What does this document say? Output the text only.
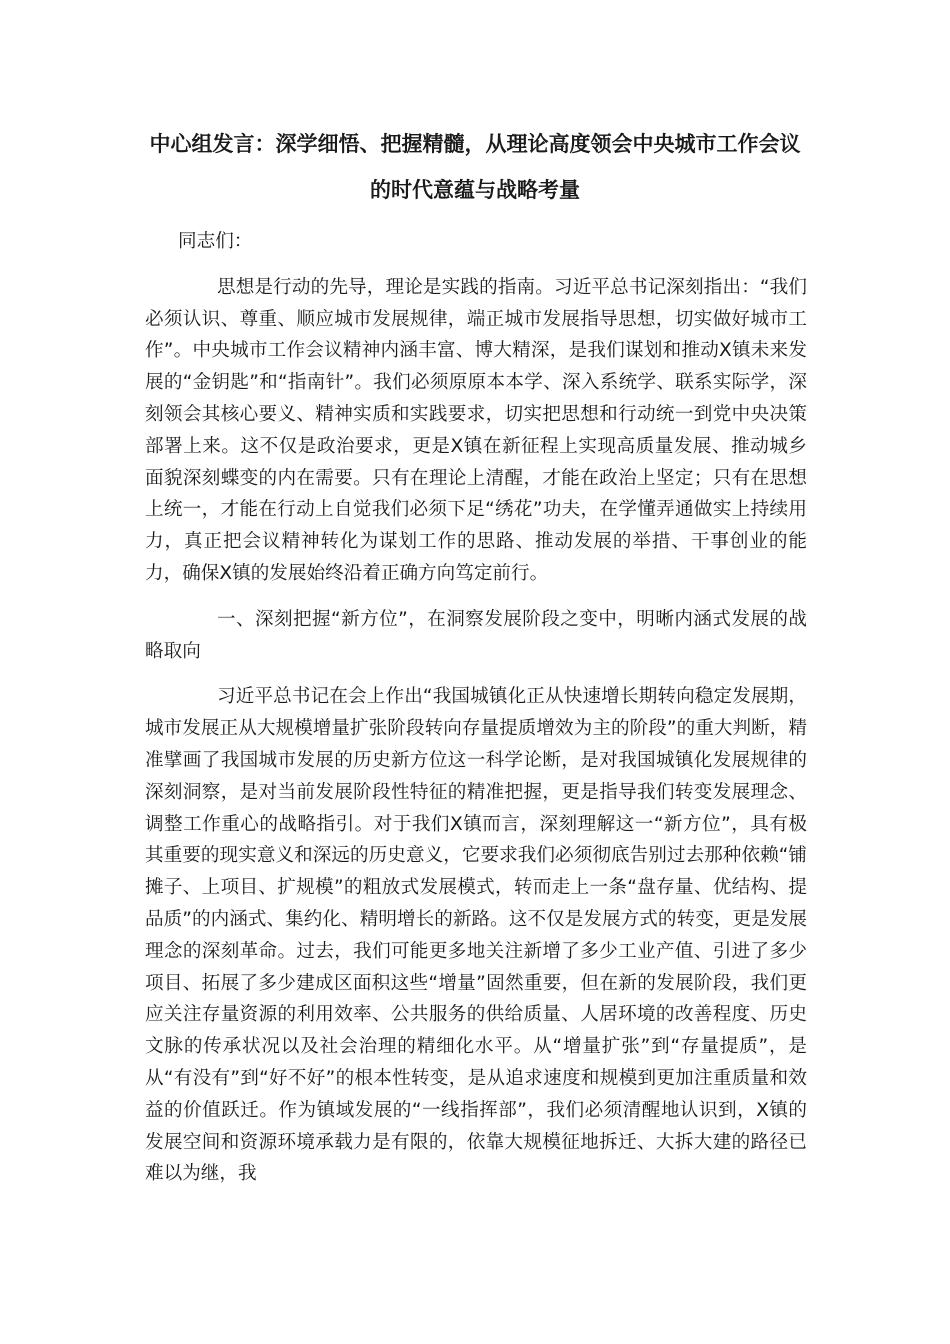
中心组发言：深学细悟、把握精髓，从理论高度领会中央城市工作会议的时代意蕴与战略考量

同志们：

思想是行动的先导，理论是实践的指南。习近平总书记深刻指出：“我们必须认识、尊重、顺应城市发展规律，端正城市发展指导思想，切实做好城市工作”。中央城市工作会议精神内涵丰富、博大精深，是我们谋划和推动X镇未来发展的“金钥匙”和“指南针”。我们必须原原本本学、深入系统学、联系实际学，深刻领会其核心要义、精神实质和实践要求，切实把思想和行动统一到党中央决策部署上来。这不仅是政治要求，更是X镇在新征程上实现高质量发展、推动城乡面貌深刻蝶变的内在需要。只有在理论上清醒，才能在政治上坚定；只有在思想上统一，才能在行动上自觉我们必须下足“绣花”功夫，在学懂弄通做实上持续用力，真正把会议精神转化为谋划工作的思路、推动发展的举措、干事创业的能力，确保X镇的发展始终沿着正确方向笃定前行。

一、深刻把握“新方位”，在洞察发展阶段之变中，明晰内涵式发展的战略取向

习近平总书记在会上作出“我国城镇化正从快速增长期转向稳定发展期，城市发展正从大规模增量扩张阶段转向存量提质增效为主的阶段”的重大判断，精准擘画了我国城市发展的历史新方位这一科学论断，是对我国城镇化发展规律的深刻洞察，是对当前发展阶段性特征的精准把握，更是指导我们转变发展理念、调整工作重心的战略指引。对于我们X镇而言，深刻理解这一“新方位”，具有极其重要的现实意义和深远的历史意义，它要求我们必须彻底告别过去那种依赖“铺摊子、上项目、扩规模”的粗放式发展模式，转而走上一条“盘存量、优结构、提品质”的内涵式、集约化、精明增长的新路。这不仅是发展方式的转变，更是发展理念的深刻革命。过去，我们可能更多地关注新增了多少工业产值、引进了多少项目、拓展了多少建成区面积这些“增量”固然重要，但在新的发展阶段，我们更应关注存量资源的利用效率、公共服务的供给质量、人居环境的改善程度、历史文脉的传承状况以及社会治理的精细化水平。从“增量扩张”到“存量提质”，是从“有没有”到“好不好”的根本性转变，是从追求速度和规模到更加注重质量和效益的价值跃迁。作为镇域发展的“一线指挥部”，我们必须清醒地认识到，X镇的发展空间和资源环境承载力是有限的，依靠大规模征地拆迁、大拆大建的路径已难以为继，我
